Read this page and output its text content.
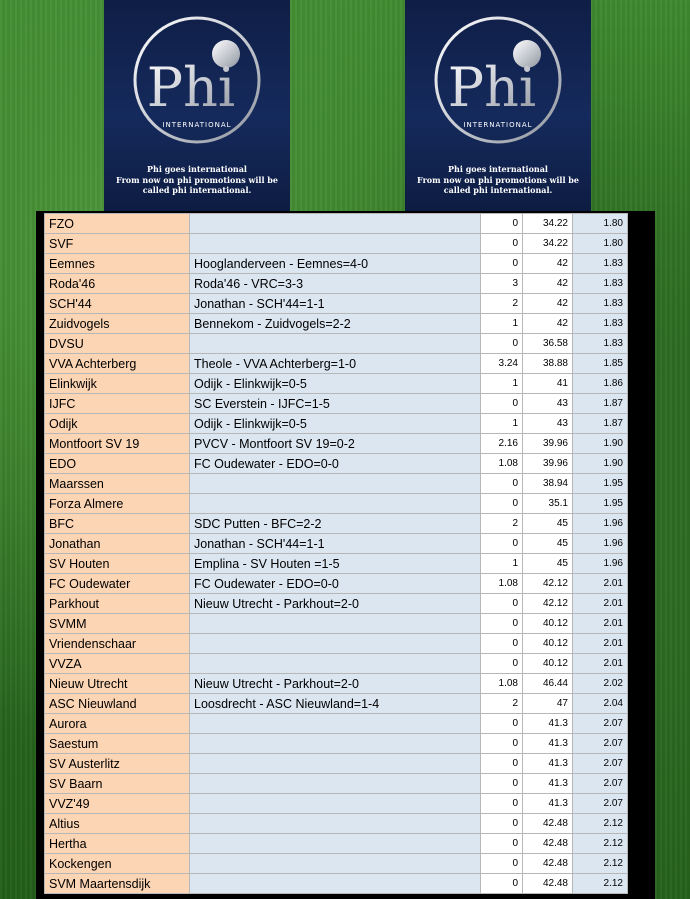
Phi
INTERNATIONAL
Phi goes international
From now on phi promotions will be
called phi international.
Phi
INTERNATIONAL
Phi goes international
From now on phi promotions will be
called phi international.
FZO		0	34.22	1.80
SVF		0	34.22	1.80
Eemnes	Hooglanderveen - Eemnes=4-0	0	42	1.83
Roda'46	Roda'46 - VRC=3-3	3	42	1.83
SCH'44	Jonathan - SCH'44=1-1	2	42	1.83
Zuidvogels	Bennekom - Zuidvogels=2-2	1	42	1.83
DVSU		0	36.58	1.83
VVA Achterberg	Theole - VVA Achterberg=1-0	3.24	38.88	1.85
Elinkwijk	Odijk - Elinkwijk=0-5	1	41	1.86
IJFC	SC Everstein - IJFC=1-5	0	43	1.87
Odijk	Odijk - Elinkwijk=0-5	1	43	1.87
Montfoort SV 19	PVCV - Montfoort SV 19=0-2	2.16	39.96	1.90
EDO	FC Oudewater - EDO=0-0	1.08	39.96	1.90
Maarssen		0	38.94	1.95
Forza Almere		0	35.1	1.95
BFC	SDC Putten - BFC=2-2	2	45	1.96
Jonathan	Jonathan - SCH'44=1-1	0	45	1.96
SV Houten	Emplina - SV Houten =1-5	1	45	1.96
FC Oudewater	FC Oudewater - EDO=0-0	1.08	42.12	2.01
Parkhout	Nieuw Utrecht - Parkhout=2-0	0	42.12	2.01
SVMM		0	40.12	2.01
Vriendenschaar		0	40.12	2.01
VVZA		0	40.12	2.01
Nieuw Utrecht	Nieuw Utrecht - Parkhout=2-0	1.08	46.44	2.02
ASC Nieuwland	Loosdrecht - ASC Nieuwland=1-4	2	47	2.04
Aurora		0	41.3	2.07
Saestum		0	41.3	2.07
SV Austerlitz		0	41.3	2.07
SV Baarn		0	41.3	2.07
VVZ'49		0	41.3	2.07
Altius		0	42.48	2.12
Hertha		0	42.48	2.12
Kockengen		0	42.48	2.12
SVM Maartensdijk		0	42.48	2.12
